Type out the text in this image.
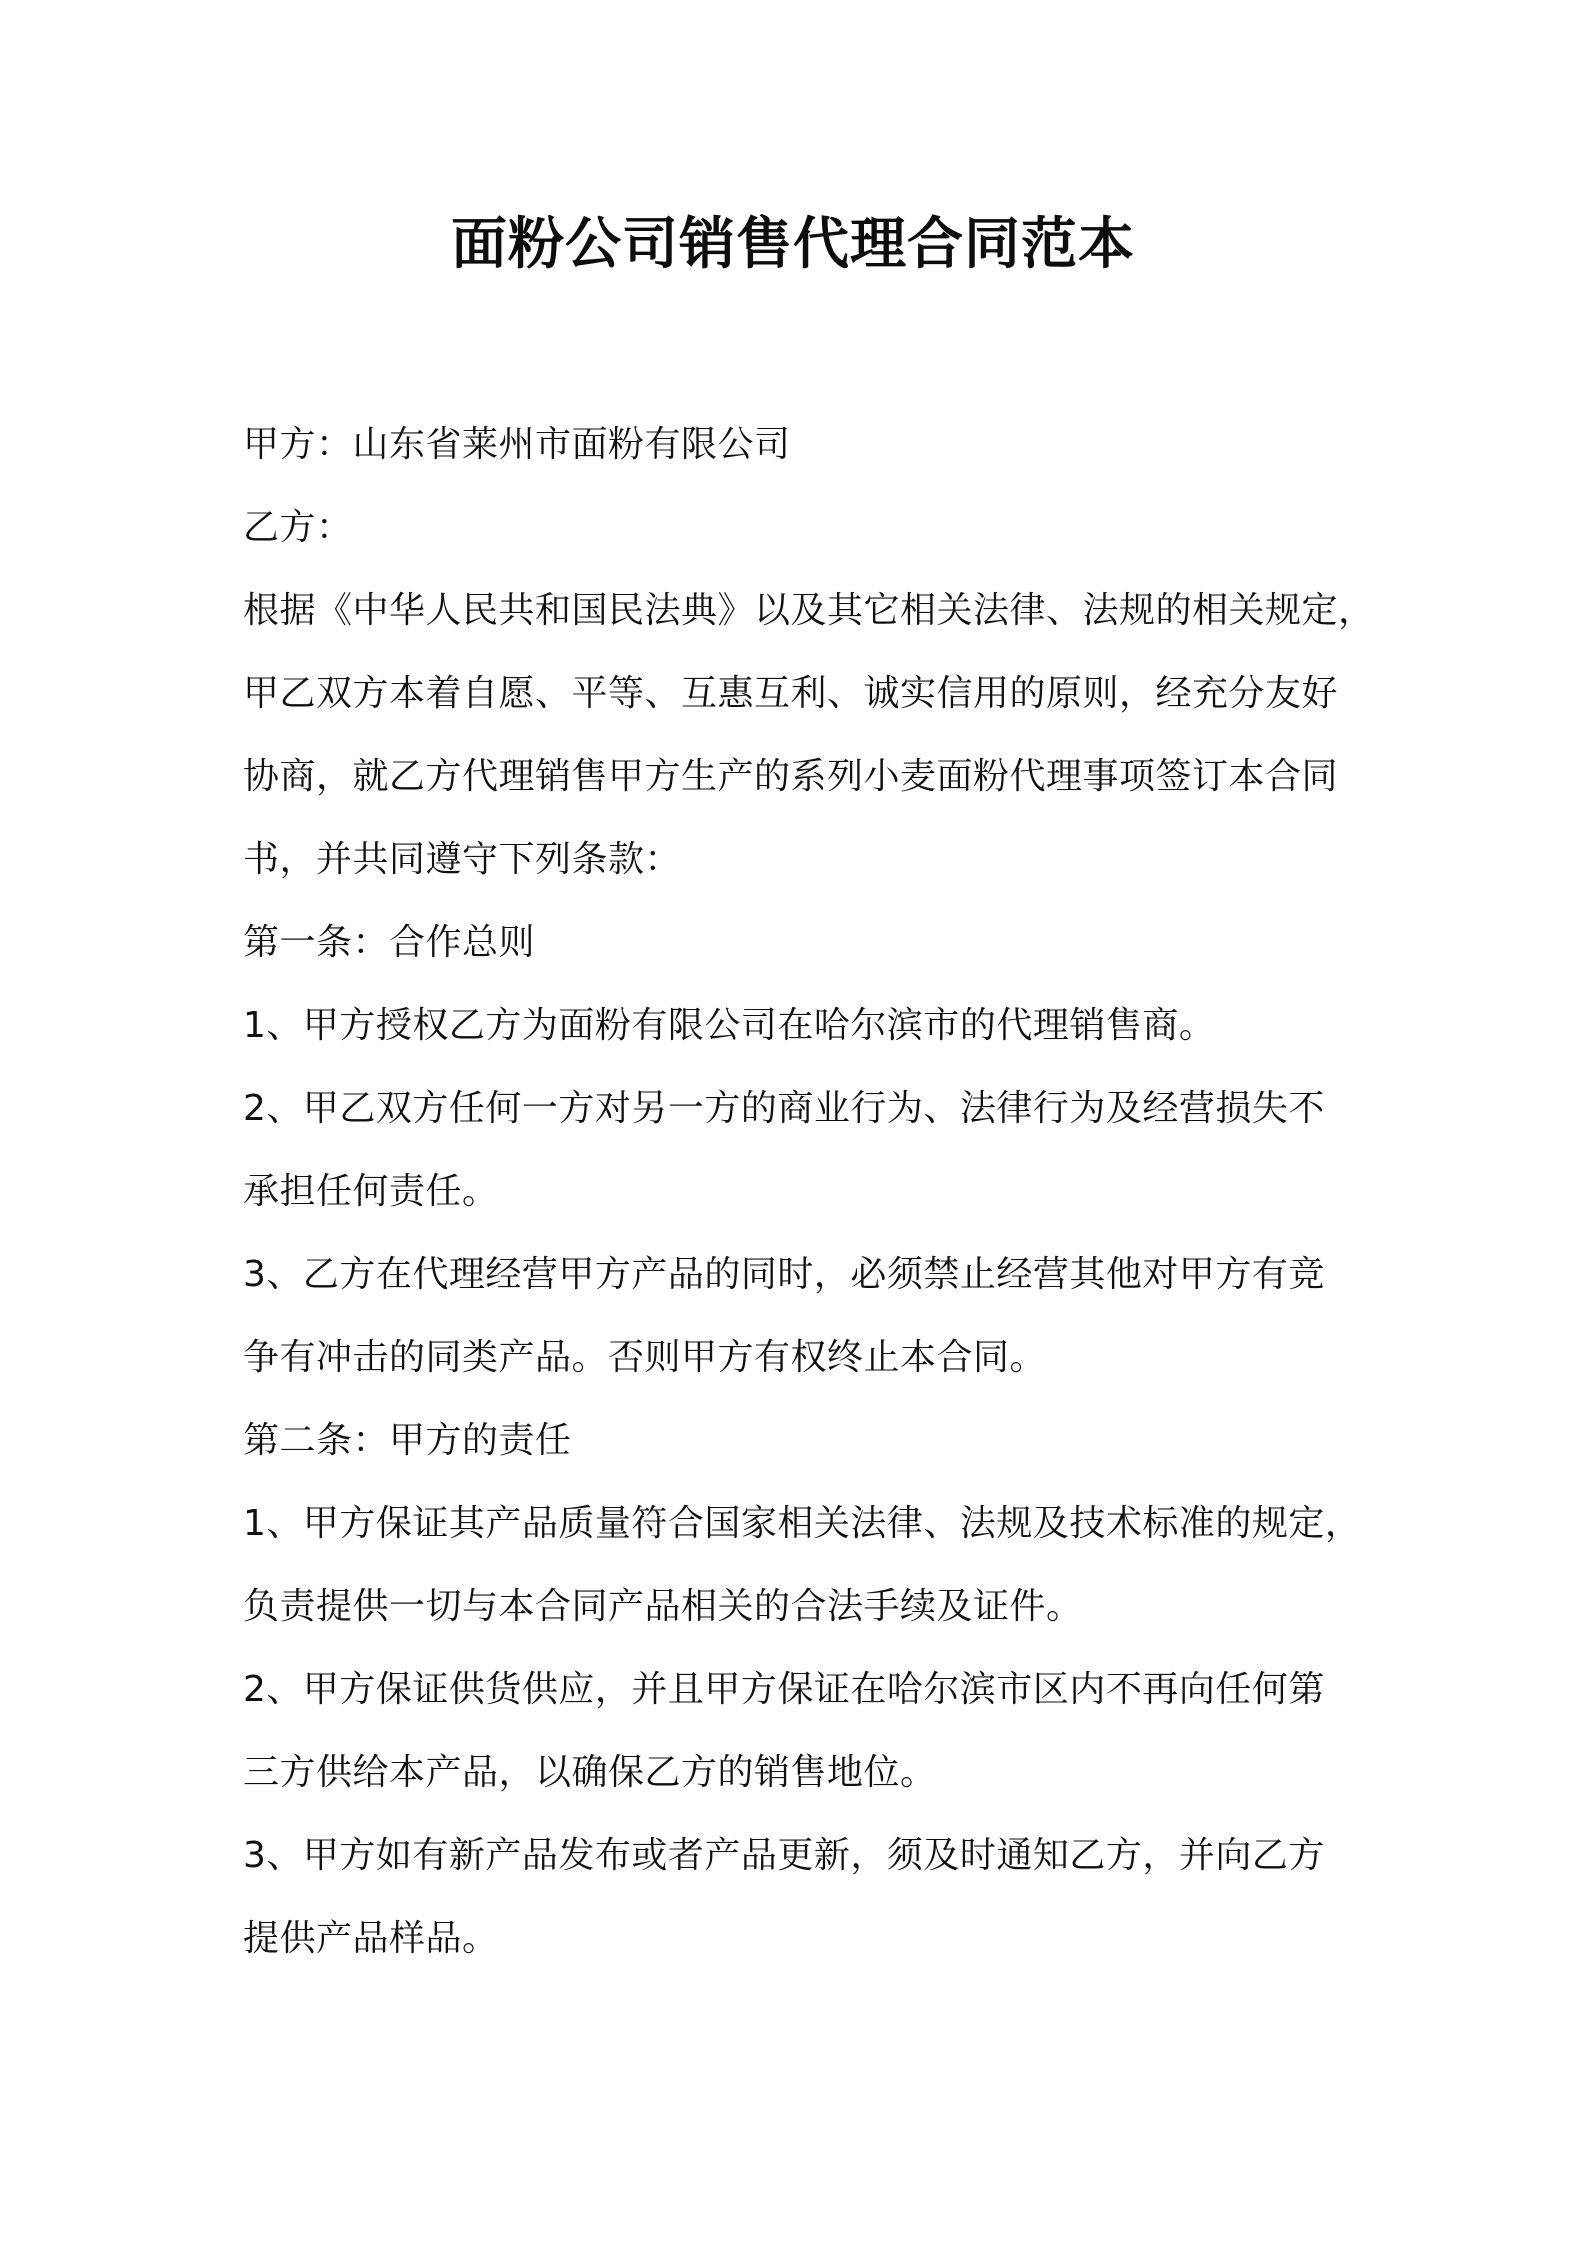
面粉公司销售代理合同范本
甲方：山东省莱州市面粉有限公司
乙方：
根据《中华人民共和国民法典》以及其它相关法律、法规的相关规定，
甲乙双方本着自愿、平等、互惠互利、诚实信用的原则，经充分友好
协商，就乙方代理销售甲方生产的系列小麦面粉代理事项签订本合同
书，并共同遵守下列条款：
第一条：合作总则
1、甲方授权乙方为面粉有限公司在哈尔滨市的代理销售商。
2、甲乙双方任何一方对另一方的商业行为、法律行为及经营损失不
承担任何责任。
3、乙方在代理经营甲方产品的同时，必须禁止经营其他对甲方有竞
争有冲击的同类产品。否则甲方有权终止本合同。
第二条：甲方的责任
1、甲方保证其产品质量符合国家相关法律、法规及技术标准的规定，
负责提供一切与本合同产品相关的合法手续及证件。
2、甲方保证供货供应，并且甲方保证在哈尔滨市区内不再向任何第
三方供给本产品，以确保乙方的销售地位。
3、甲方如有新产品发布或者产品更新，须及时通知乙方，并向乙方
提供产品样品。
